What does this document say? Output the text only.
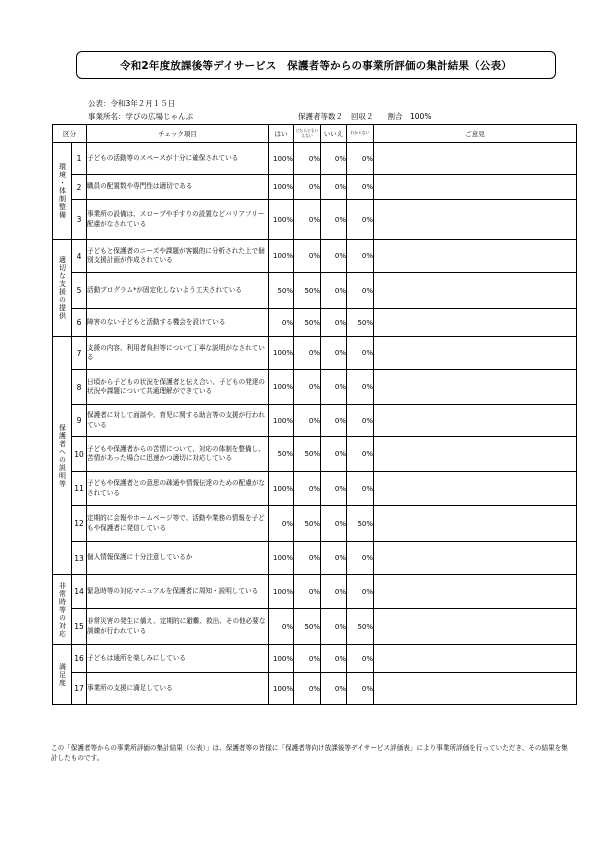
令和2年度放課後等デイサービス　保護者等からの事業所評価の集計結果（公表）
公表：令和3年２月１５日
事業所名：学びの広場じゃんぷ	保護者等数２ 回収２ 割合　100%
区分		チェック項目	はい	どちらともいえない	いいえ	わからない	ご意見
環境・体制整備	1	子どもの活動等のスペースが十分に確保されている	100%	0%	0%	0%	
	2	職員の配置数や専門性は適切である	100%	0%	0%	0%	
	3	事業所の設備は、スロープや手すりの設置などバリアフリー配慮がなされている	100%	0%	0%	0%	
適切な支援の提供	4	子どもと保護者のニーズや課題が客観的に分析された上で個別支援計画が作成されている	100%	0%	0%	0%	
	5	活動プログラム*が固定化しないよう工夫されている	50%	50%	0%	0%	
	6	障害のない子どもと活動する機会を設けている	0%	50%	0%	50%	
保護者への説明等	7	支援の内容、利用者負担等について丁寧な説明がなされている	100%	0%	0%	0%	
	8	日頃から子どもの状況を保護者と伝え合い、子どもの発達の状況や課題について共通理解ができている	100%	0%	0%	0%	
	9	保護者に対して面談や、育児に関する助言等の支援が行われている	100%	0%	0%	0%	
	10	子どもや保護者からの苦情について、対応の体制を整備し、苦情があった場合に迅速かつ適切に対応している	50%	50%	0%	0%	
	11	子どもや保護者との意思の疎通や情報伝達のための配慮がなされている	100%	0%	0%	0%	
	12	定期的に会報やホームページ等で、活動や業務の情報を子どもや保護者に発信している	0%	50%	0%	50%	
	13	個人情報保護に十分注意しているか	100%	0%	0%	0%	
非常時等の対応	14	緊急時等の対応マニュアルを保護者に周知・説明している	100%	0%	0%	0%	
	15	非常災害の発生に備え、定期的に避難、救出、その他必要な訓練が行われている	0%	50%	0%	50%	
満足度	16	子どもは通所を楽しみにしている	100%	0%	0%	0%	
	17	事業所の支援に満足している	100%	0%	0%	0%	
この「保護者等からの事業所評価の集計結果（公表）」は、保護者等の皆様に「保護者等向け放課後等デイサービス評価表」により事業所評価を行っていただき、その結果を集計したものです。
